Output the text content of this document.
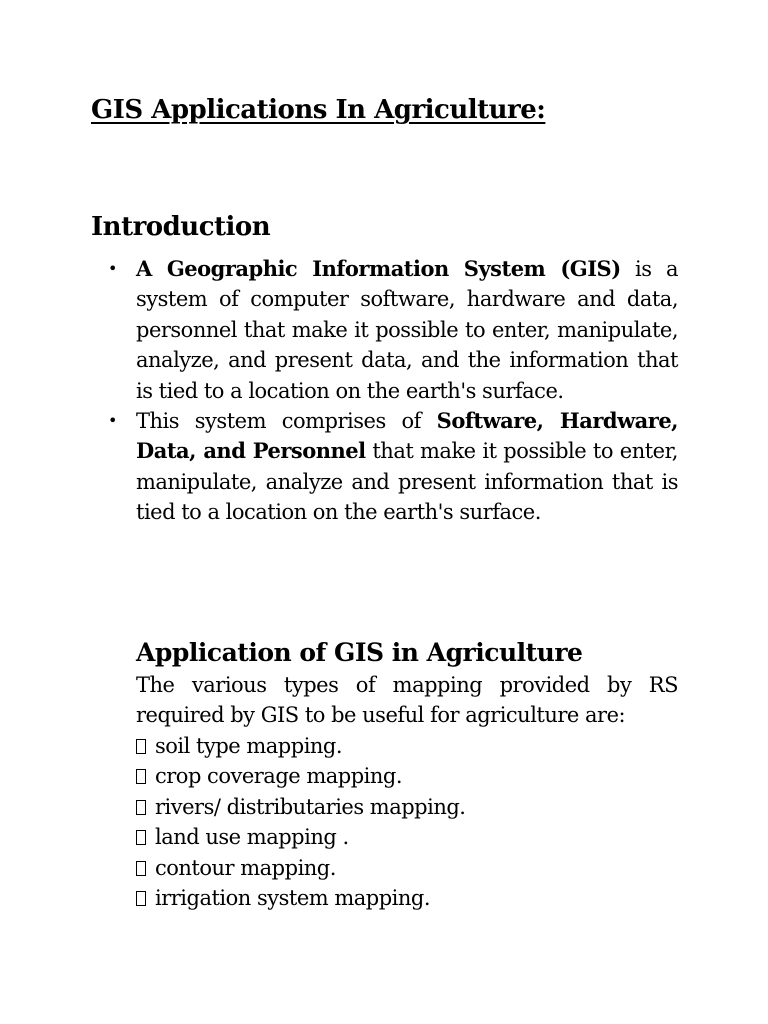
GIS Applications In Agriculture:
Introduction
• A Geographic Information System (GIS) is a system of computer software, hardware and data, personnel that make it possible to enter, manipulate, analyze, and present data, and the information that is tied to a location on the earth's surface.
• This system comprises of Software, Hardware, Data, and Personnel that make it possible to enter, manipulate, analyze and present information that is tied to a location on the earth's surface.
Application of GIS in Agriculture

The various types of mapping provided by RS required by GIS to be useful for agriculture are:

soil type mapping.
crop coverage mapping.
rivers/ distributaries mapping.
land use mapping .
contour mapping.
irrigation system mapping.
